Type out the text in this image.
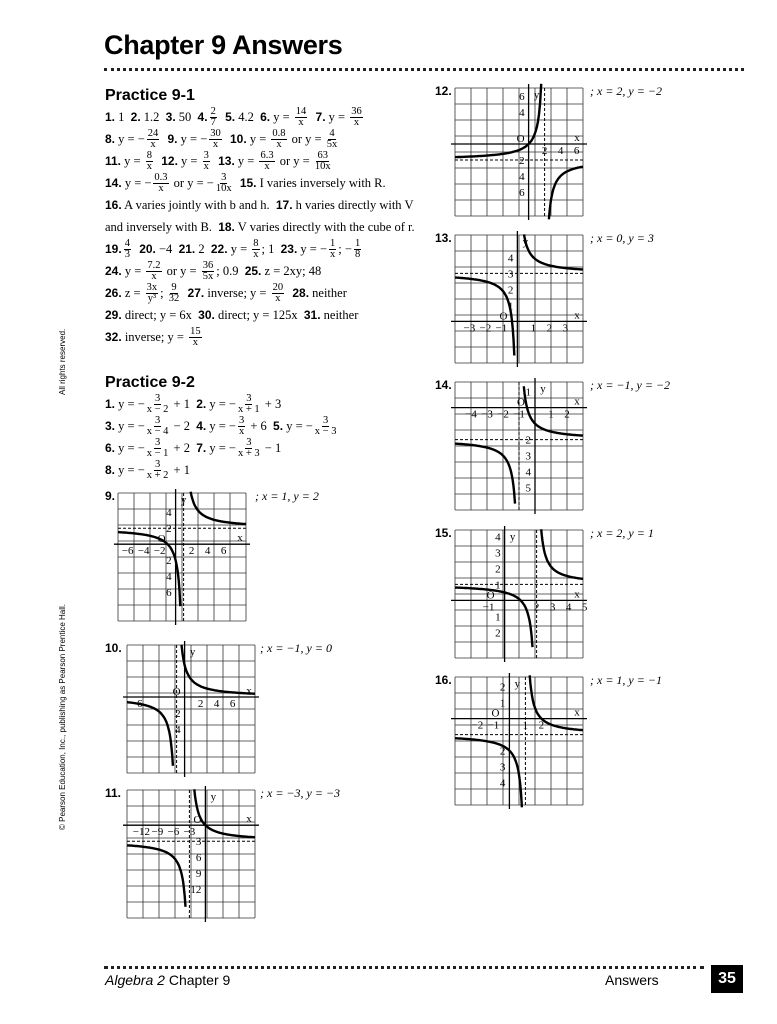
Chapter 9 Answers
Practice 9-1
1. 1 2. 1.2 3. 50 4. $\frac{2}{7}$
5. 4.2 6. $y = \frac{14}{x}$
7. $y = \frac{36}{x}$
8. y = − $\frac{24}{x}$
9. y = − $\frac{30}{x}$
10. $y = \frac{0.8}{x}$ or $y = \frac{4}{5x}$
11. $y = \frac{8}{x}$
12. $y = \frac{3}{x}$
13. $y = \frac{6.3}{x}$ or $y = \frac{63}{10x}$
14. y = − $\frac{0.3}{x}$ or y = − $\frac{3}{10x}$
15. I varies inversely with R.
16. A varies jointly with b and h. 17. h varies directly with V
and inversely with B. 18. V varies directly with the cube of r.
19. $\frac{4}{3}$
20. −4 21. 2 22. $y = \frac{8}{x}$ ; 1 23. y = − $\frac{1}{x}$ ; − $\frac{1}{8}$
24. $y = \frac{7.2}{x}$ or $y = \frac{36}{5x}$ ; 0.9 25. z = 2xy; 48
26. $z = \frac{3x}{\text{y³}}$ ; $\frac{9}{32}$
27. inverse; $y = \frac{20}{x}$
28. neither
29. direct; y = 6x 30. direct; y = 125x 31. neither
32. inverse; $y = \frac{15}{x}$
Practice 9-2
1. y = − $\frac{3}{x - 2} + 1$ 2. y = − $\frac{3}{x + 1} + 3$
3. y = − $\frac{3}{x - 4} - 2$ 4. y = − $\frac{3}{x} + 6$ 5. y = − $\frac{3}{x - 3}$
6. y = − $\frac{3}{x - 1} + 2$ 7. y = − $\frac{3}{x + 3} - 1$
8. y = − $\frac{3}{x + 2} + 1$
9.	; x = 1, y = 2
−6 −4 −2 2 4 6
4
2
2
4
6
O
y
x
10.	; x = −1, y = 0
−6	2 4 6
2
4
O
y
x
11.	; x = −3, y = −3
−12 −9 −6 −3
3
6
9
12
O
y
x
12.	; x = 2, y = −2
2 4 6
6
4
2
4
6
O
y
x
13.	; x = 0, y = 3
−3 −2 −1 1 2 3
4
3
2
1
O
y
x
14.	; x = −1, y = −2
−4 −3 −2 −1 1 2
1
2
3
4
5
O
y
x
15.	; x = 2, y = 1
−1	2 3 4 5
4
3
2
1
1
2
O
y
x
16.	; x = 1, y = −1
−2 −1 1 2
2
1
2
3
4
O
y
x
All rights reserved.
© Pearson Education, Inc., publishing as Pearson Prentice Hall.
Algebra 2 Chapter 9	Answers	35
